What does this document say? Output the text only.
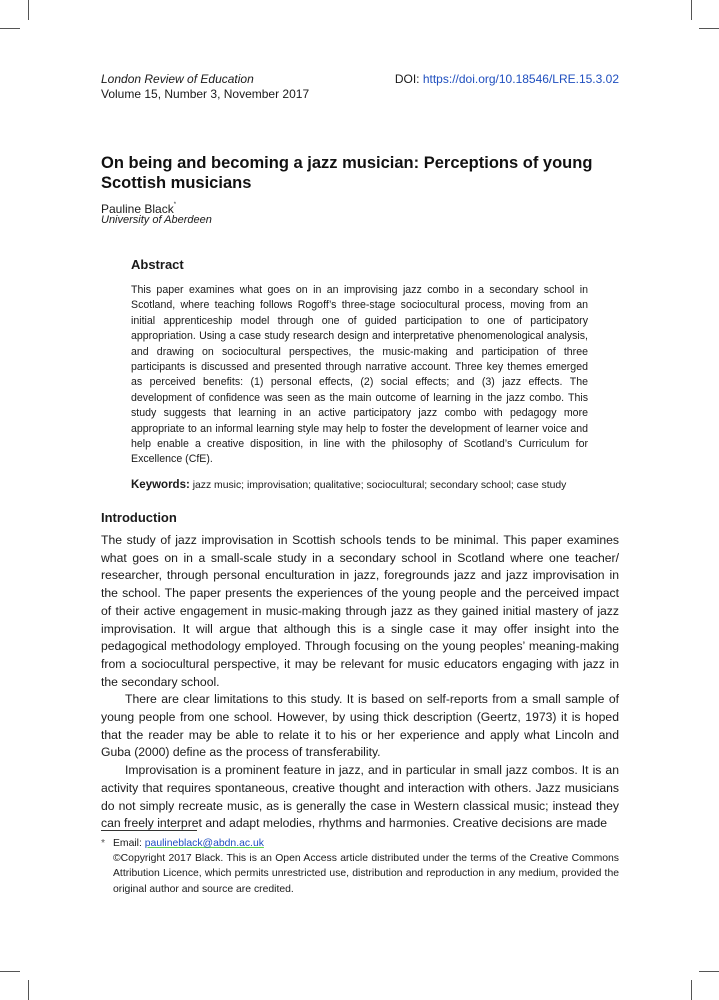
London Review of Education
Volume 15, Number 3, November 2017
DOI: https://doi.org/10.18546/LRE.15.3.02
On being and becoming a jazz musician: Perceptions of young Scottish musicians
Pauline Black*
University of Aberdeen
Abstract

This paper examines what goes on in an improvising jazz combo in a secondary school in Scotland, where teaching follows Rogoff’s three-stage sociocultural process, moving from an initial apprenticeship model through one of guided participation to one of participatory appropriation. Using a case study research design and interpretative phenomenological analysis, and drawing on sociocultural perspectives, the music-making and participation of three participants is discussed and presented through narrative account. Three key themes emerged as perceived benefits: (1) personal effects, (2) social effects; and (3) jazz effects. The development of confidence was seen as the main outcome of learning in the jazz combo. This study suggests that learning in an active participatory jazz combo with pedagogy more appropriate to an informal learning style may help to foster the development of learner voice and help enable a creative disposition, in line with the philosophy of Scotland’s Curriculum for Excellence (CfE).

Keywords: jazz music; improvisation; qualitative; sociocultural; secondary school; case study
Introduction

The study of jazz improvisation in Scottish schools tends to be minimal. This paper examines what goes on in a small-scale study in a secondary school in Scotland where one teacher/ researcher, through personal enculturation in jazz, foregrounds jazz and jazz improvisation in the school. The paper presents the experiences of the young people and the perceived impact of their active engagement in music-making through jazz as they gained initial mastery of jazz improvisation. It will argue that although this is a single case it may offer insight into the pedagogical methodology employed. Through focusing on the young peoples’ meaning-making from a sociocultural perspective, it may be relevant for music educators engaging with jazz in the secondary school.

There are clear limitations to this study. It is based on self-reports from a small sample of young people from one school. However, by using thick description (Geertz, 1973) it is hoped that the reader may be able to relate it to his or her experience and apply what Lincoln and Guba (2000) define as the process of transferability.

Improvisation is a prominent feature in jazz, and in particular in small jazz combos. It is an activity that requires spontaneous, creative thought and interaction with others. Jazz musicians do not simply recreate music, as is generally the case in Western classical music; instead they can freely interpret and adapt melodies, rhythms and harmonies. Creative decisions are made

* Email: paulineblack@abdn.ac.uk
©Copyright 2017 Black. This is an Open Access article distributed under the terms of the Creative Commons Attribution Licence, which permits unrestricted use, distribution and reproduction in any medium, provided the original author and source are credited.
